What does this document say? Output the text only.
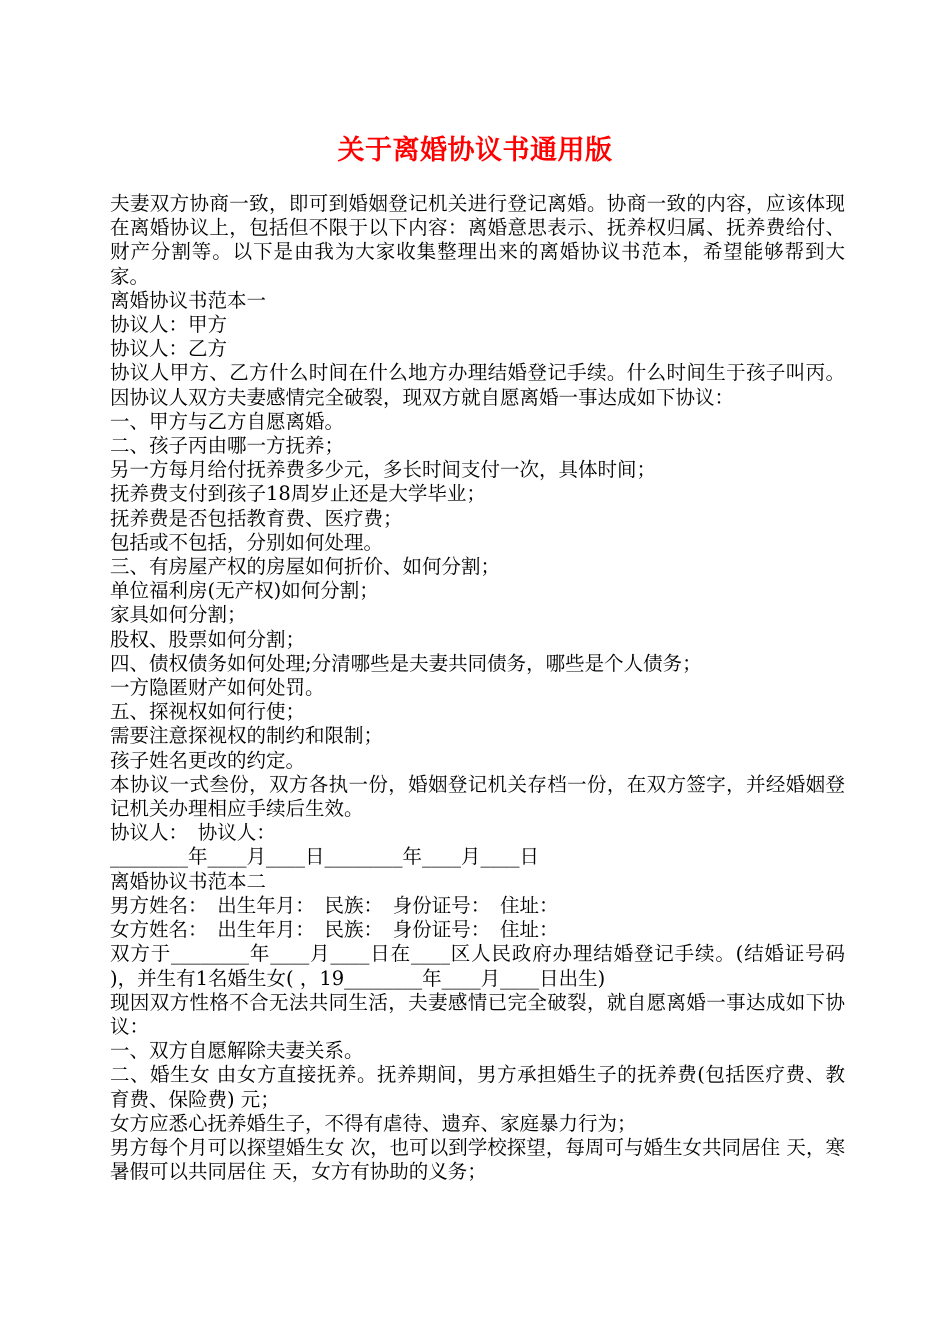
关于离婚协议书通用版

夫妻双方协商一致，即可到婚姻登记机关进行登记离婚。协商一致的内容，应该体现在离婚协议上，包括但不限于以下内容：离婚意思表示、抚养权归属、抚养费给付、财产分割等。以下是由我为大家收集整理出来的离婚协议书范本，希望能够帮到大家。

离婚协议书范本一

协议人：甲方

协议人：乙方

协议人甲方、乙方什么时间在什么地方办理结婚登记手续。什么时间生于孩子叫丙。因协议人双方夫妻感情完全破裂，现双方就自愿离婚一事达成如下协议：

一、甲方与乙方自愿离婚。

二、孩子丙由哪一方抚养；

另一方每月给付抚养费多少元，多长时间支付一次，具体时间；

抚养费支付到孩子18周岁止还是大学毕业；

抚养费是否包括教育费、医疗费；

包括或不包括，分别如何处理。

三、有房屋产权的房屋如何折价、如何分割；

单位福利房(无产权)如何分割；

家具如何分割；

股权、股票如何分割；

四、债权债务如何处理;分清哪些是夫妻共同债务，哪些是个人债务；

一方隐匿财产如何处罚。

五、探视权如何行使；

需要注意探视权的制约和限制；

孩子姓名更改的约定。

本协议一式叁份，双方各执一份，婚姻登记机关存档一份，在双方签字，并经婚姻登记机关办理相应手续后生效。

协议人：　协议人：

________年____月____日________年____月____日

离婚协议书范本二

男方姓名：　出生年月：　民族：　身份证号：　住址：

女方姓名：　出生年月：　民族：　身份证号：　住址：

双方于________年____月____日在____区人民政府办理结婚登记手续。(结婚证号码 )，并生有1名婚生女( ，19________年____月____日出生)

现因双方性格不合无法共同生活，夫妻感情已完全破裂，就自愿离婚一事达成如下协议：

一、双方自愿解除夫妻关系。

二、婚生女 由女方直接抚养。抚养期间，男方承担婚生子的抚养费(包括医疗费、教育费、保险费) 元；

女方应悉心抚养婚生子，不得有虐待、遗弃、家庭暴力行为；

男方每个月可以探望婚生女 次，也可以到学校探望，每周可与婚生女共同居住 天，寒暑假可以共同居住 天，女方有协助的义务；
